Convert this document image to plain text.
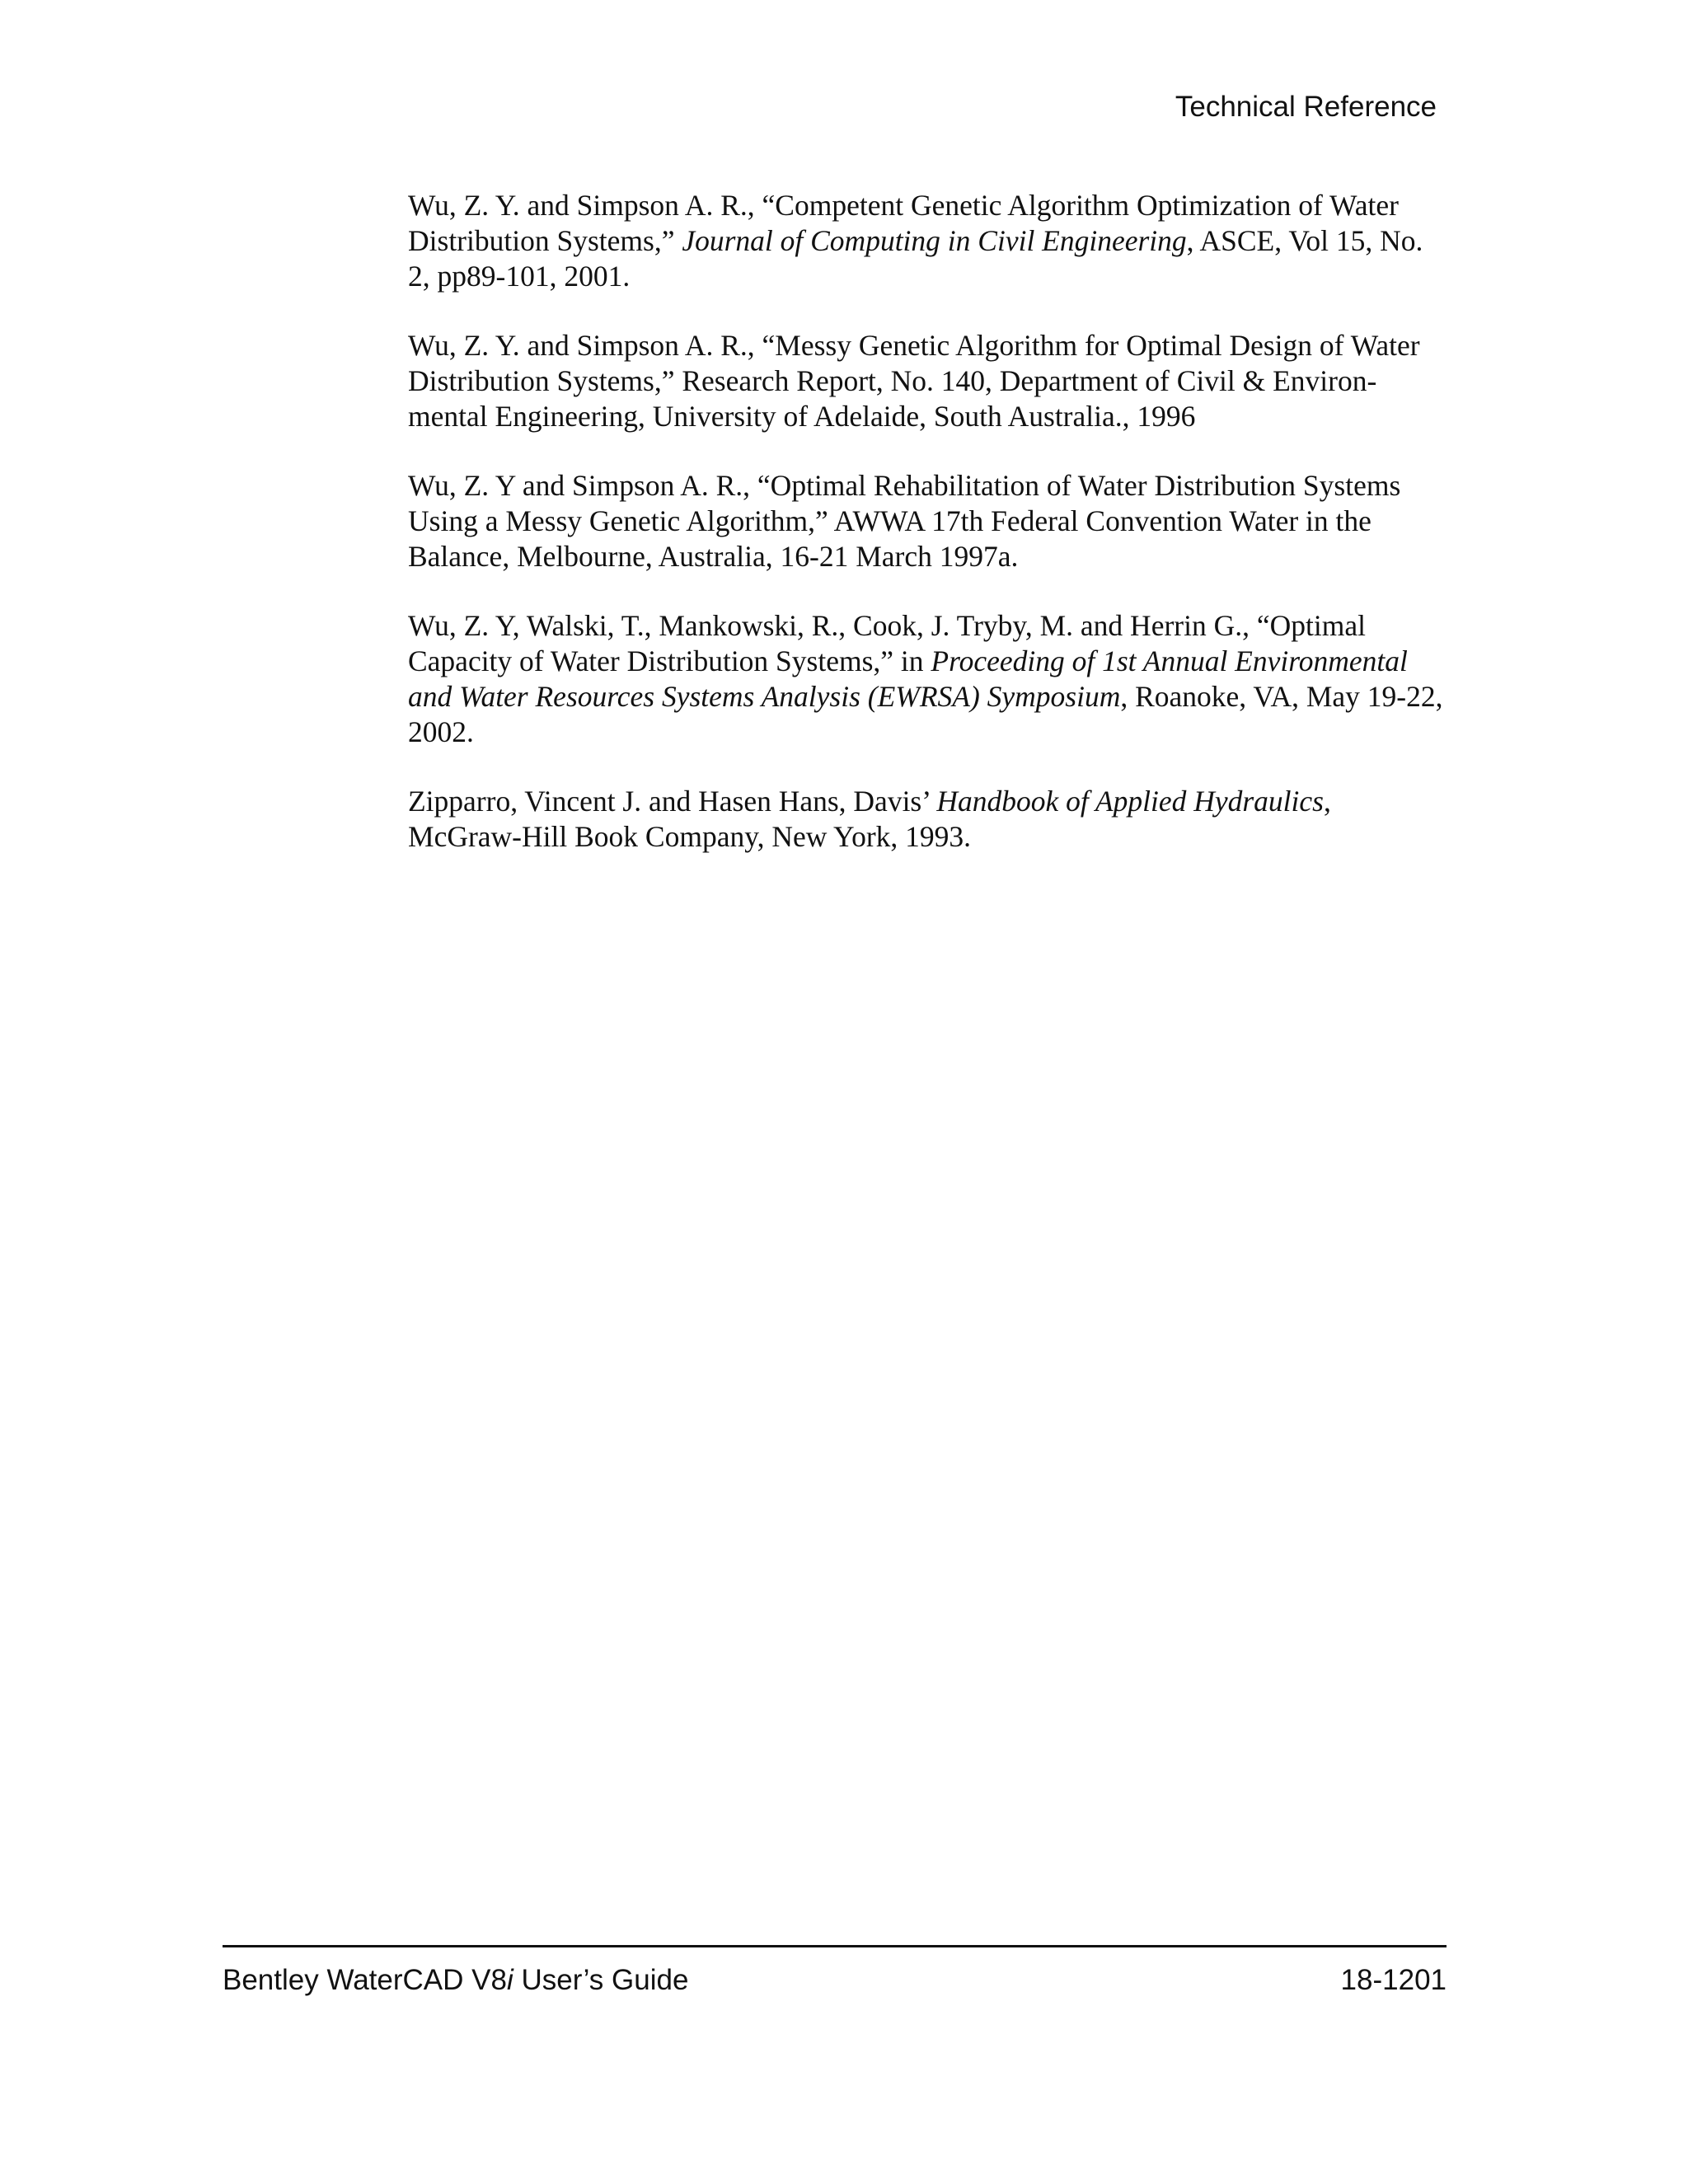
Technical Reference

Wu, Z. Y. and Simpson A. R., “Competent Genetic Algorithm Optimization of Water Distribution Systems,” Journal of Computing in Civil Engineering, ASCE, Vol 15, No. 2, pp89-101, 2001.

Wu, Z. Y. and Simpson A. R., “Messy Genetic Algorithm for Optimal Design of Water Distribution Systems,” Research Report, No. 140, Department of Civil & Environ-mental Engineering, University of Adelaide, South Australia., 1996

Wu, Z. Y and Simpson A. R., “Optimal Rehabilitation of Water Distribution Systems Using a Messy Genetic Algorithm,” AWWA 17th Federal Convention Water in the Balance, Melbourne, Australia, 16-21 March 1997a.

Wu, Z. Y, Walski, T., Mankowski, R., Cook, J. Tryby, M. and Herrin G., “Optimal Capacity of Water Distribution Systems,” in Proceeding of 1st Annual Environmental and Water Resources Systems Analysis (EWRSA) Symposium, Roanoke, VA, May 19-22, 2002.

Zipparro, Vincent J. and Hasen Hans, Davis’ Handbook of Applied Hydraulics, McGraw-Hill Book Company, New York, 1993.

Bentley WaterCAD V8i User’s Guide	18-1201
